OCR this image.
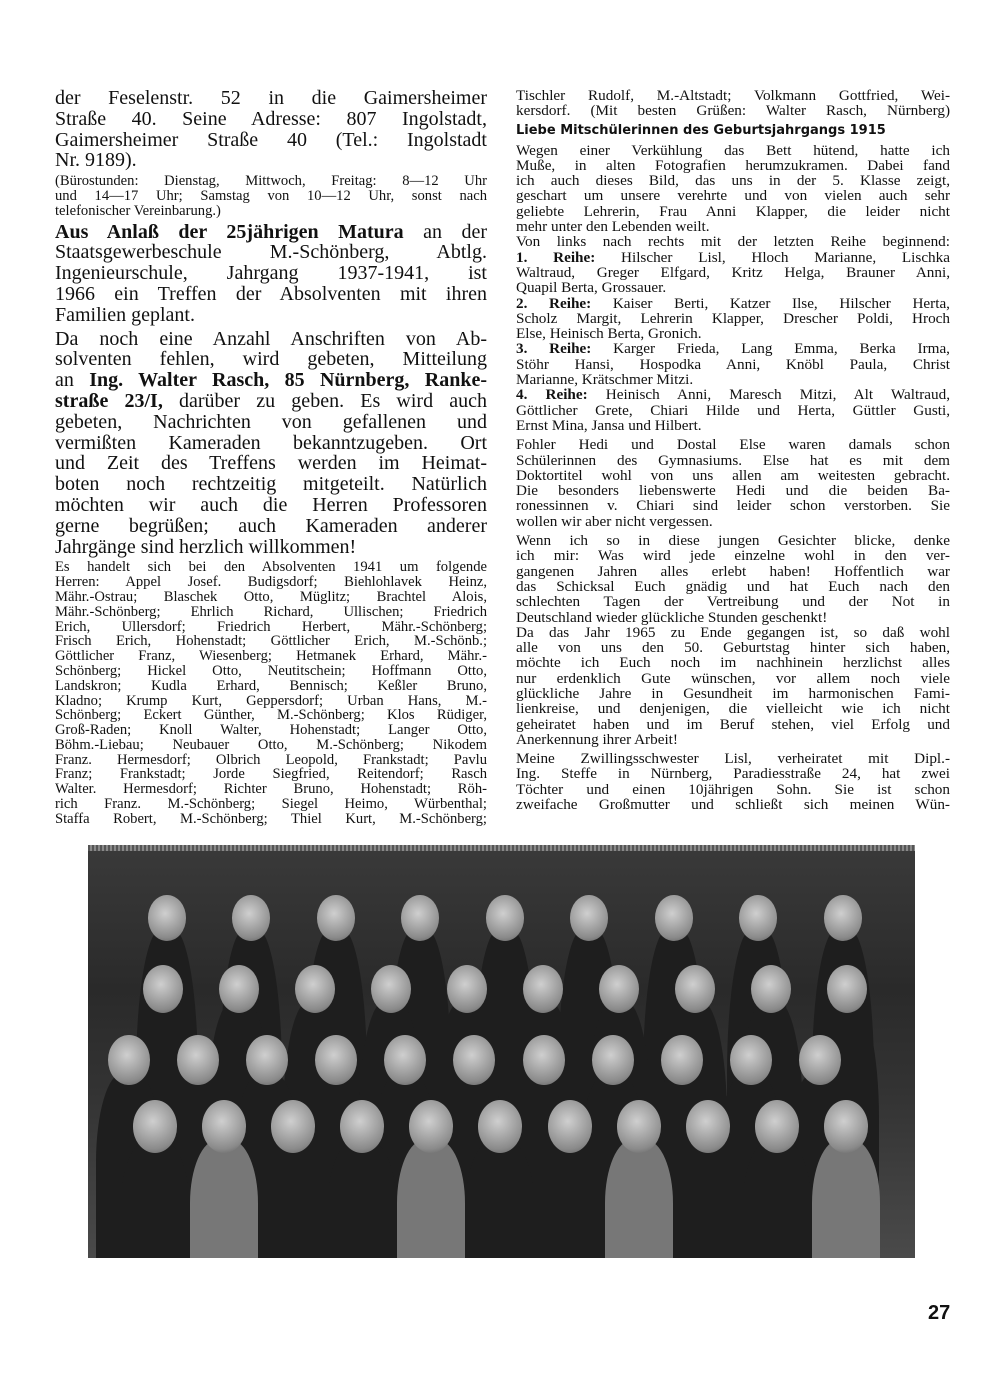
der Feselenstr. 52 in die Gaimersheimer
Straße 40. Seine Adresse: 807 Ingolstadt,
Gaimersheimer Straße 40 (Tel.: Ingolstadt
Nr. 9189).
(Bürostunden: Dienstag, Mittwoch, Freitag: 8—12 Uhr
und 14—17 Uhr; Samstag von 10—12 Uhr, sonst nach
telefonischer Vereinbarung.)
Aus Anlaß der 25jährigen Matura an der
Staatsgewerbeschule M.-Schönberg, Abtlg.
Ingenieurschule, Jahrgang 1937-1941, ist
1966 ein Treffen der Absolventen mit ihren
Familien geplant.
Da noch eine Anzahl Anschriften von Ab-
solventen fehlen, wird gebeten, Mitteilung
an Ing. Walter Rasch, 85 Nürnberg, Ranke-
straße 23/I, darüber zu geben. Es wird auch
gebeten, Nachrichten von gefallenen und
vermißten Kameraden bekanntzugeben. Ort
und Zeit des Treffens werden im Heimat-
boten noch rechtzeitig mitgeteilt. Natürlich
möchten wir auch die Herren Professoren
gerne begrüßen; auch Kameraden anderer
Jahrgänge sind herzlich willkommen!
Es handelt sich bei den Absolventen 1941 um folgende
Herren: Appel Josef. Budigsdorf; Biehlohlavek Heinz,
Mähr.-Ostrau; Blaschek Otto, Müglitz; Brachtel Alois,
Mähr.-Schönberg; Ehrlich Richard, Ullischen; Friedrich
Erich, Ullersdorf; Friedrich Herbert, Mähr.-Schönberg;
Frisch Erich, Hohenstadt; Göttlicher Erich, M.-Schönb.;
Göttlicher Franz, Wiesenberg; Hetmanek Erhard, Mähr.-
Schönberg; Hickel Otto, Neutitschein; Hoffmann Otto,
Landskron; Kudla Erhard, Bennisch; Keßler Bruno,
Kladno; Krump Kurt, Geppersdorf; Urban Hans, M.-
Schönberg; Eckert Günther, M.-Schönberg; Klos Rüdiger,
Groß-Raden; Knoll Walter, Hohenstadt; Langer Otto,
Böhm.-Liebau; Neubauer Otto, M.-Schönberg; Nikodem
Franz. Hermesdorf; Olbrich Leopold, Frankstadt; Pavlu
Franz; Frankstadt; Jorde Siegfried, Reitendorf; Rasch
Walter. Hermesdorf; Richter Bruno, Hohenstadt; Röh-
rich Franz. M.-Schönberg; Siegel Heimo, Würbenthal;
Staffa Robert, M.-Schönberg; Thiel Kurt, M.-Schönberg;
Tischler Rudolf, M.-Altstadt; Volkmann Gottfried, Wei-
kersdorf. (Mit besten Grüßen: Walter Rasch, Nürnberg)
Liebe Mitschülerinnen des Geburtsjahrgangs 1915
Wegen einer Verkühlung das Bett hütend, hatte ich
Muße, in alten Fotografien herumzukramen. Dabei fand
ich auch dieses Bild, das uns in der 5. Klasse zeigt,
geschart um unsere verehrte und von vielen auch sehr
geliebte Lehrerin, Frau Anni Klapper, die leider nicht
mehr unter den Lebenden weilt.
Von links nach rechts mit der letzten Reihe beginnend:
1. Reihe: Hilscher Lisl, Hloch Marianne, Lischka
Waltraud, Greger Elfgard, Kritz Helga, Brauner Anni,
Quapil Berta, Grossauer.
2. Reihe: Kaiser Berti, Katzer Ilse, Hilscher Herta,
Scholz Margit, Lehrerin Klapper, Drescher Poldi, Hroch
Else, Heinisch Berta, Gronich.
3. Reihe: Karger Frieda, Lang Emma, Berka Irma,
Stöhr Hansi, Hospodka Anni, Knöbl Paula, Christ
Marianne, Krätschmer Mitzi.
4. Reihe: Heinisch Anni, Maresch Mitzi, Alt Waltraud,
Göttlicher Grete, Chiari Hilde und Herta, Güttler Gusti,
Ernst Mina, Jansa und Hilbert.
Fohler Hedi und Dostal Else waren damals schon
Schülerinnen des Gymnasiums. Else hat es mit dem
Doktortitel wohl von uns allen am weitesten gebracht.
Die besonders liebenswerte Hedi und die beiden Ba-
ronessinnen v. Chiari sind leider schon verstorben. Sie
wollen wir aber nicht vergessen.
Wenn ich so in diese jungen Gesichter blicke, denke
ich mir: Was wird jede einzelne wohl in den ver-
gangenen Jahren alles erlebt haben! Hoffentlich war
das Schicksal Euch gnädig und hat Euch nach den
schlechten Tagen der Vertreibung und der Not in
Deutschland wieder glückliche Stunden geschenkt!
Da das Jahr 1965 zu Ende gegangen ist, so daß wohl
alle von uns den 50. Geburtstag hinter sich haben,
möchte ich Euch noch im nachhinein herzlichst alles
nur erdenklich Gute wünschen, vor allem noch viele
glückliche Jahre in Gesundheit im harmonischen Fami-
lienkreise, und denjenigen, die vielleicht wie ich nicht
geheiratet haben und im Beruf stehen, viel Erfolg und
Anerkennung ihrer Arbeit!
Meine Zwillingsschwester Lisl, verheiratet mit Dipl.-
Ing. Steffe in Nürnberg, Paradiesstraße 24, hat zwei
Töchter und einen 10jährigen Sohn. Sie ist schon
zweifache Großmutter und schließt sich meinen Wün-
27
